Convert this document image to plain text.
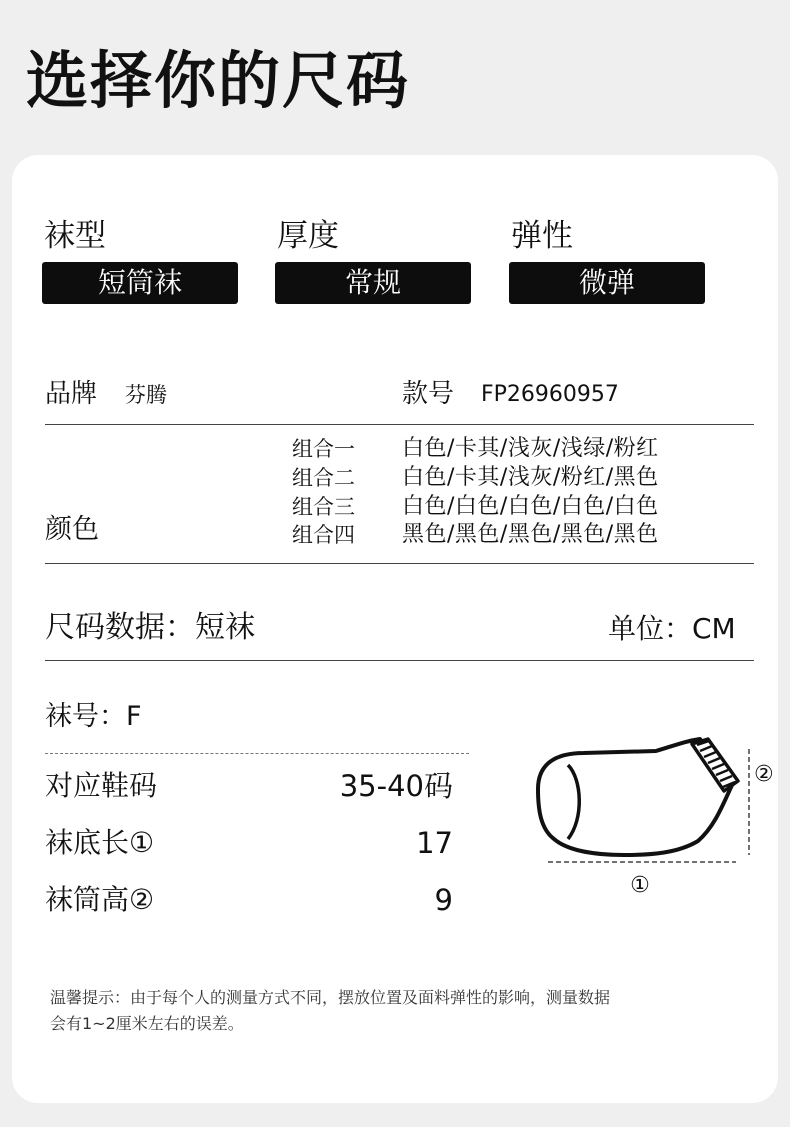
选择你的尺码
袜型
短筒袜
厚度
常规
弹性
微弹
品牌 芬腾	款号 FP26960957
颜色
组合一 白色/卡其/浅灰/浅绿/粉红
组合二 白色/卡其/浅灰/粉红/黑色
组合三 白色/白色/白色/白色/白色
组合四 黑色/黑色/黑色/黑色/黑色
尺码数据：短袜	单位：CM
袜号：F
对应鞋码	35-40码
袜底长①	17
袜筒高②	9	①
②
温馨提示：由于每个人的测量方式不同，摆放位置及面料弹性的影响，测量数据
会有1~2厘米左右的误差。
